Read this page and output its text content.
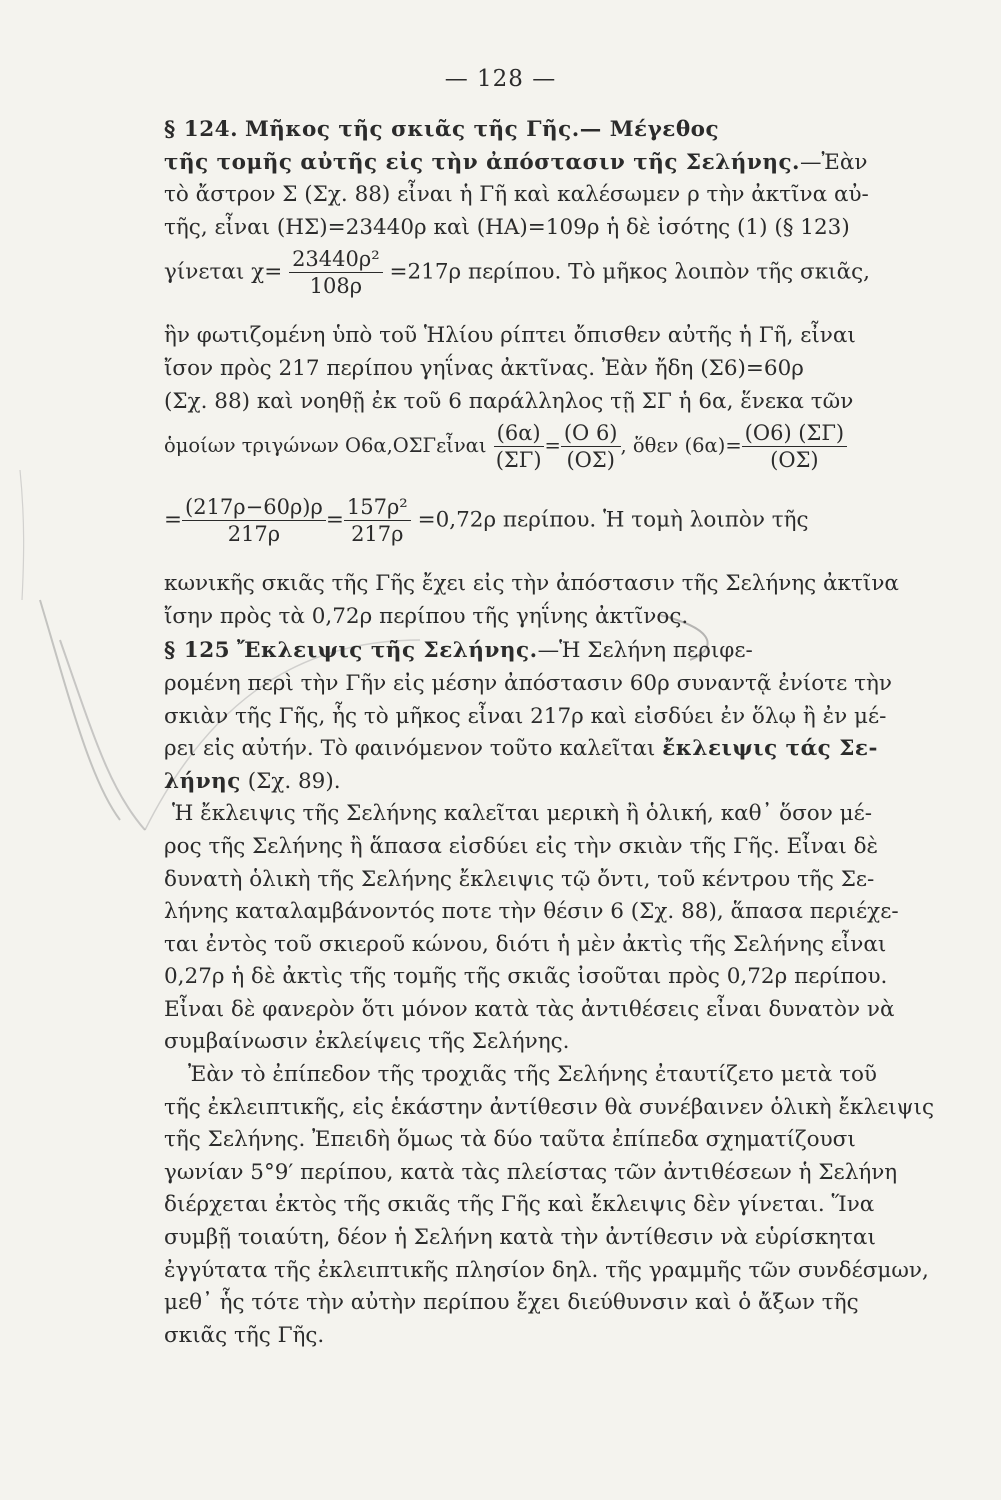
— 128 —
§ 124. Μῆκος τῆς σκιᾶς τῆς Γῆς.— Μέγεθος
τῆς τομῆς αὐτῆς εἰς τὴν ἀπόστασιν τῆς Σελήνης.—Ἐὰν
τὸ ἄστρον Σ (Σχ. 88) εἶναι ἡ Γῆ καὶ καλέσωμεν ρ τὴν ἀκτῖνα αὐ-
τῆς, εἶναι (ΗΣ)=23440ρ καὶ (ΗΑ)=109ρ ἡ δὲ ἰσότης (1) (§ 123)
γίνεται $\chi= \frac{\text{23440ρ²}}{108\rho} =217\rho$ περίπου. Τὸ μῆκος λοιπὸν τῆς σκιᾶς,
ἣν φωτιζομένη ὑπὸ τοῦ Ἡλίου ρίπτει ὄπισθεν αὐτῆς ἡ Γῆ, εἶναι
ἴσον πρὸς 217 περίπου γηΐνας ἀκτῖνας. Ἐὰν ἤδη (Σ6)=60ρ
(Σχ. 88) καὶ νοηθῇ ἐκ τοῦ 6 παράλληλος τῇ ΣΓ ἡ 6α, ἕνεκα τῶν
ὁμοίων τριγώνων Ο6α,ΟΣΓεἶναι $\frac{(6\alpha)}{(\Sigma\Gamma)} = \frac{(O 6)}{(O\Sigma)}$ , ὅθεν $(6\alpha)= \frac{(O6) (\Sigma\Gamma)}{(O\Sigma)}$
= $\frac{(217\rho-60\rho)\rho}{217\rho} = \frac{\text{157ρ²}}{217\rho} =0,72\rho$ περίπου. Ἡ τομὴ λοιπὸν τῆς
κωνικῆς σκιᾶς τῆς Γῆς ἔχει εἰς τὴν ἀπόστασιν τῆς Σελήνης ἀκτῖνα
ἴσην πρὸς τὰ 0,72ρ περίπου τῆς γηΐνης ἀκτῖνος.
§ 125 Ἔκλειψις τῆς Σελήνης.—Ἡ Σελήνη περιφε-
ρομένη περὶ τὴν Γῆν εἰς μέσην ἀπόστασιν 60ρ συναντᾷ ἐνίοτε τὴν
σκιὰν τῆς Γῆς, ἧς τὸ μῆκος εἶναι 217ρ καὶ εἰσδύει ἐν ὅλῳ ἢ ἐν μέ-
ρει εἰς αὐτήν. Τὸ φαινόμενον τοῦτο καλεῖται ἔκλειψις τάς Σε-
λήνης (Σχ. 89).
Ἡ ἔκλειψις τῆς Σελήνης καλεῖται μερικὴ ἢ ὁλική, καθ᾽ ὅσον μέ-
ρος τῆς Σελήνης ἢ ἅπασα εἰσδύει εἰς τὴν σκιὰν τῆς Γῆς. Εἶναι δὲ
δυνατὴ ὁλικὴ τῆς Σελήνης ἔκλειψις τῷ ὄντι, τοῦ κέντρου τῆς Σε-
λήνης καταλαμβάνοντός ποτε τὴν θέσιν 6 (Σχ. 88), ἅπασα περιέχε-
ται ἐντὸς τοῦ σκιεροῦ κώνου, διότι ἡ μὲν ἀκτὶς τῆς Σελήνης εἶναι
0,27ρ ἡ δὲ ἀκτὶς τῆς τομῆς τῆς σκιᾶς ἰσοῦται πρὸς 0,72ρ περίπου.
Εἶναι δὲ φανερὸν ὅτι μόνον κατὰ τὰς ἀντιθέσεις εἶναι δυνατὸν νὰ
συμβαίνωσιν ἐκλείψεις τῆς Σελήνης.
Ἐὰν τὸ ἐπίπεδον τῆς τροχιᾶς τῆς Σελήνης ἐταυτίζετο μετὰ τοῦ
τῆς ἐκλειπτικῆς, εἰς ἑκάστην ἀντίθεσιν θὰ συνέβαινεν ὁλικὴ ἔκλειψις
τῆς Σελήνης. Ἐπειδὴ ὅμως τὰ δύο ταῦτα ἐπίπεδα σχηματίζουσι
γωνίαν 5°9′ περίπου, κατὰ τὰς πλείστας τῶν ἀντιθέσεων ἡ Σελήνη
διέρχεται ἐκτὸς τῆς σκιᾶς τῆς Γῆς καὶ ἔκλειψις δὲν γίνεται. Ἵνα
συμβῇ τοιαύτη, δέον ἡ Σελήνη κατὰ τὴν ἀντίθεσιν νὰ εὑρίσκηται
ἐγγύτατα τῆς ἐκλειπτικῆς πλησίον δηλ. τῆς γραμμῆς τῶν συνδέσμων,
μεθ᾽ ἧς τότε τὴν αὐτὴν περίπου ἔχει διεύθυνσιν καὶ ὁ ἄξων τῆς
σκιᾶς τῆς Γῆς.
